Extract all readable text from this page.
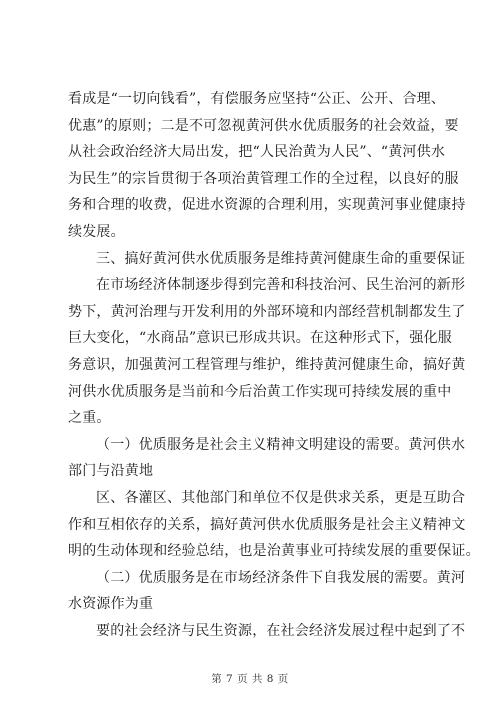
看成是“一切向钱看”，有偿服务应坚持“公正、公开、合理、
优惠”的原则；二是不可忽视黄河供水优质服务的社会效益，要
从社会政治经济大局出发，把“人民治黄为人民”、“黄河供水
为民生”的宗旨贯彻于各项治黄管理工作的全过程，以良好的服
务和合理的收费，促进水资源的合理利用，实现黄河事业健康持
续发展。
三、搞好黄河供水优质服务是维持黄河健康生命的重要保证
在市场经济体制逐步得到完善和科技治河、民生治河的新形
势下，黄河治理与开发利用的外部环境和内部经营机制都发生了
巨大变化，“水商品”意识已形成共识。在这种形式下，强化服
务意识，加强黄河工程管理与维护，维持黄河健康生命，搞好黄
河供水优质服务是当前和今后治黄工作实现可持续发展的重中
之重。
（一）优质服务是社会主义精神文明建设的需要。黄河供水
部门与沿黄地
区、各灌区、其他部门和单位不仅是供求关系，更是互助合
作和互相依存的关系，搞好黄河供水优质服务是社会主义精神文
明的生动体现和经验总结，也是治黄事业可持续发展的重要保证。
（二）优质服务是在市场经济条件下自我发展的需要。黄河
水资源作为重
要的社会经济与民生资源，在社会经济发展过程中起到了不
第 7 页 共 8 页
